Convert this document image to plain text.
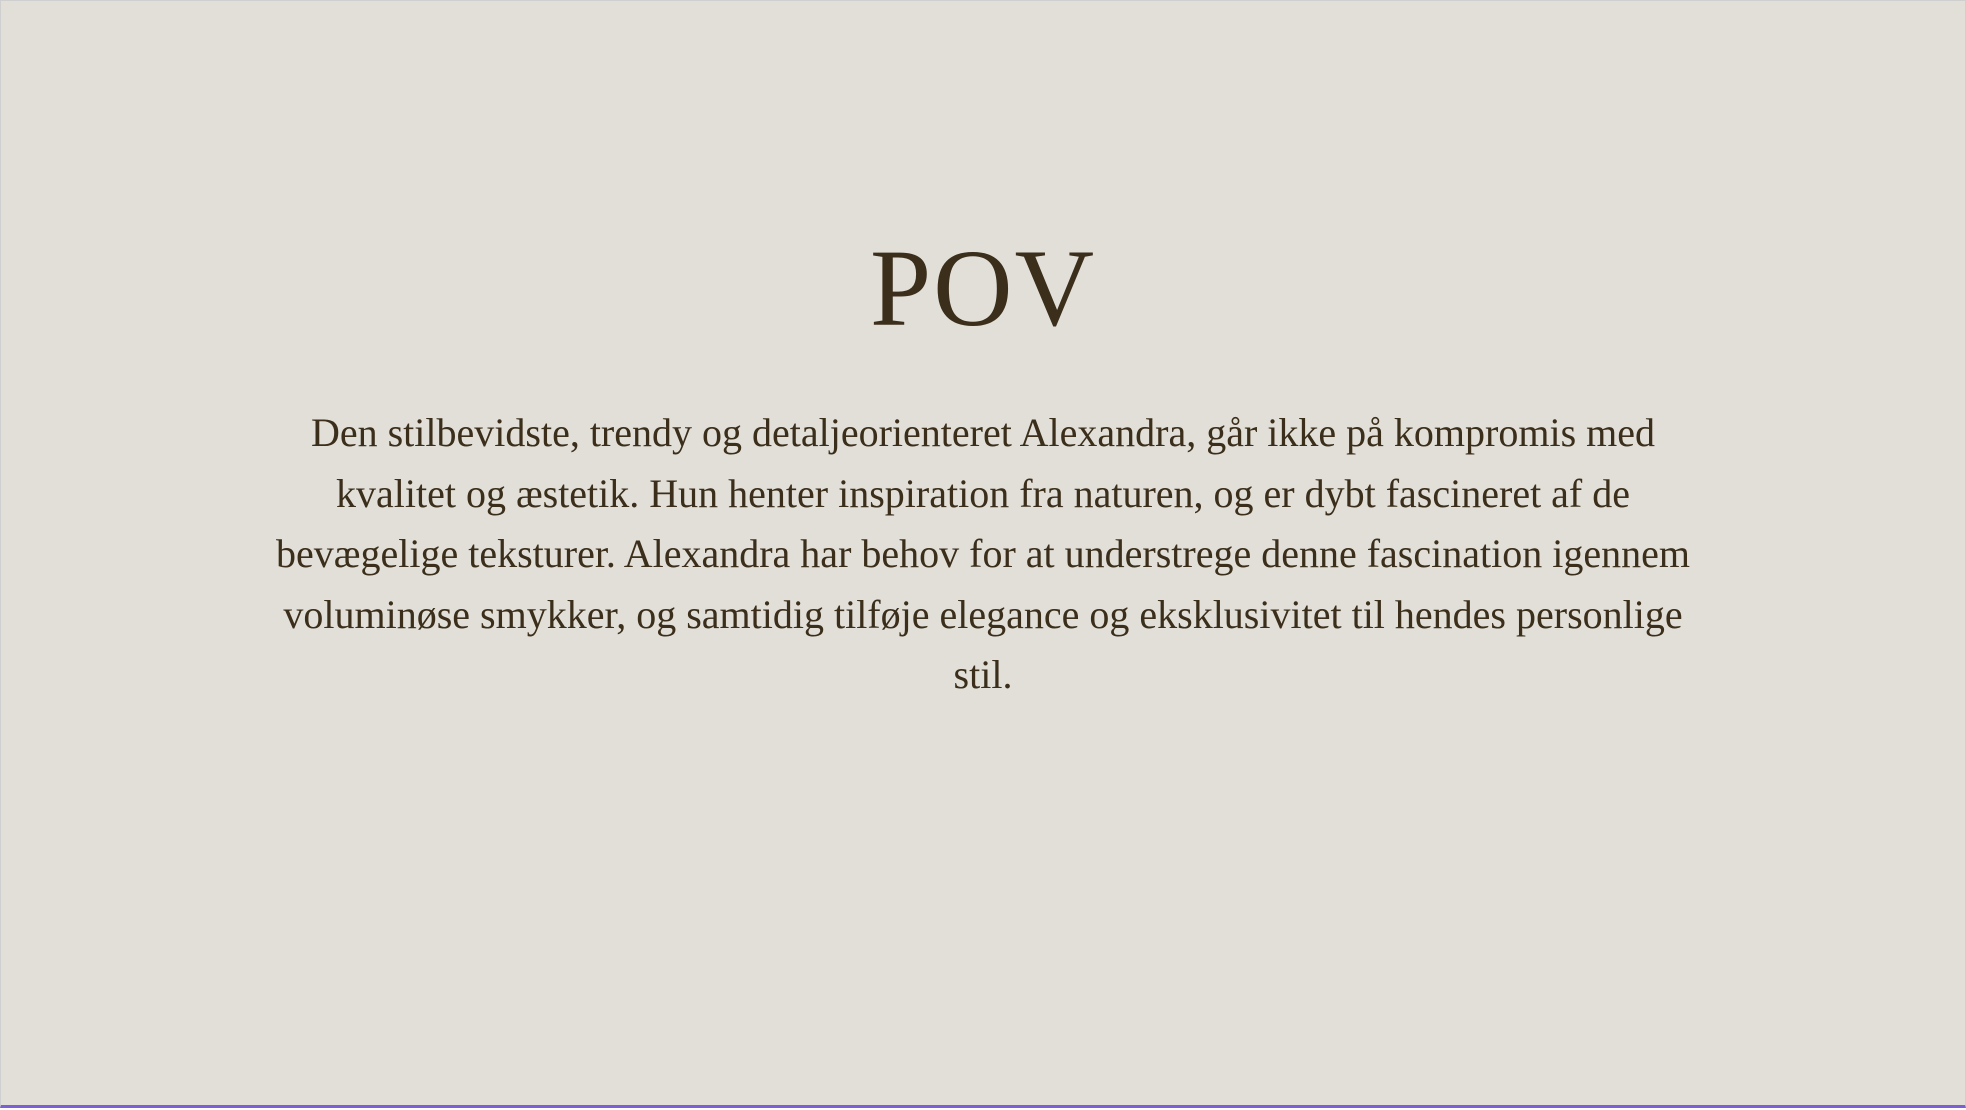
POV

Den stilbevidste, trendy og detaljeorienteret Alexandra, går ikke på kompromis med kvalitet og æstetik. Hun henter inspiration fra naturen, og er dybt fascineret af de bevægelige teksturer. Alexandra har behov for at understrege denne fascination igennem voluminøse smykker, og samtidig tilføje elegance og eksklusivitet til hendes personlige stil.
